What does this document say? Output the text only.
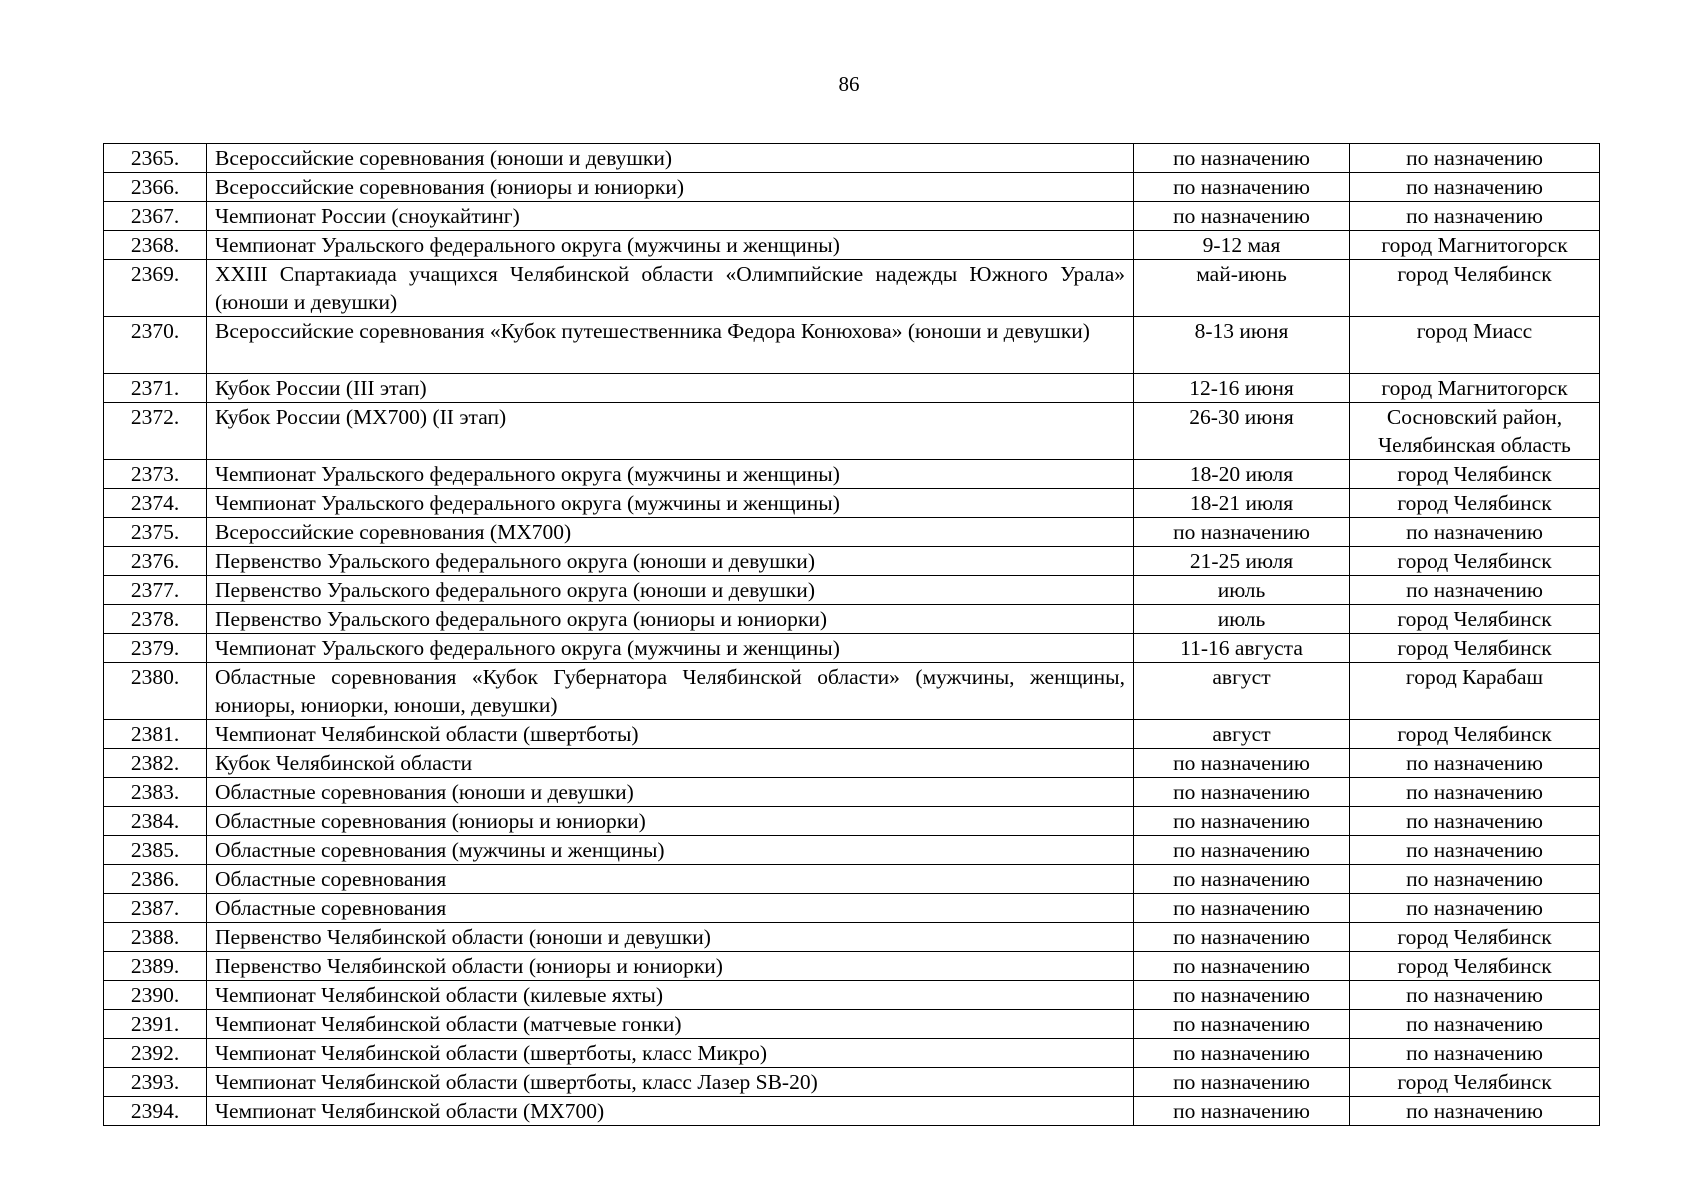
86
2365.	Всероссийские соревнования (юноши и девушки)	по назначению	по назначению
2366.	Всероссийские соревнования (юниоры и юниорки)	по назначению	по назначению
2367.	Чемпионат России (сноукайтинг)	по назначению	по назначению
2368.	Чемпионат Уральского федерального округа (мужчины и женщины)	9-12 мая	город Магнитогорск
2369.	XXIII Спартакиада учащихся Челябинской области «Олимпийские надежды Южного Урала» (юноши и девушки)	май-июнь	город Челябинск
2370.	Всероссийские соревнования «Кубок путешественника Федора Конюхова» (юноши и девушки)	8-13 июня	город Миасс
2371.	Кубок России (III этап)	12-16 июня	город Магнитогорск
2372.	Кубок России (MX700) (II этап)	26-30 июня	Сосновский район, Челябинская область
2373.	Чемпионат Уральского федерального округа (мужчины и женщины)	18-20 июля	город Челябинск
2374.	Чемпионат Уральского федерального округа (мужчины и женщины)	18-21 июля	город Челябинск
2375.	Всероссийские соревнования (MX700)	по назначению	по назначению
2376.	Первенство Уральского федерального округа (юноши и девушки)	21-25 июля	город Челябинск
2377.	Первенство Уральского федерального округа (юноши и девушки)	июль	по назначению
2378.	Первенство Уральского федерального округа (юниоры и юниорки)	июль	город Челябинск
2379.	Чемпионат Уральского федерального округа (мужчины и женщины)	11-16 августа	город Челябинск
2380.	Областные соревнования «Кубок Губернатора Челябинской области» (мужчины, женщины, юниоры, юниорки, юноши, девушки)	август	город Карабаш
2381.	Чемпионат Челябинской области (швертботы)	август	город Челябинск
2382.	Кубок Челябинской области	по назначению	по назначению
2383.	Областные соревнования (юноши и девушки)	по назначению	по назначению
2384.	Областные соревнования (юниоры и юниорки)	по назначению	по назначению
2385.	Областные соревнования (мужчины и женщины)	по назначению	по назначению
2386.	Областные соревнования	по назначению	по назначению
2387.	Областные соревнования	по назначению	по назначению
2388.	Первенство Челябинской области (юноши и девушки)	по назначению	город Челябинск
2389.	Первенство Челябинской области (юниоры и юниорки)	по назначению	город Челябинск
2390.	Чемпионат Челябинской области (килевые яхты)	по назначению	по назначению
2391.	Чемпионат Челябинской области (матчевые гонки)	по назначению	по назначению
2392.	Чемпионат Челябинской области (швертботы, класс Микро)	по назначению	по назначению
2393.	Чемпионат Челябинской области (швертботы, класс Лазер SB-20)	по назначению	город Челябинск
2394.	Чемпионат Челябинской области (MX700)	по назначению	по назначению
